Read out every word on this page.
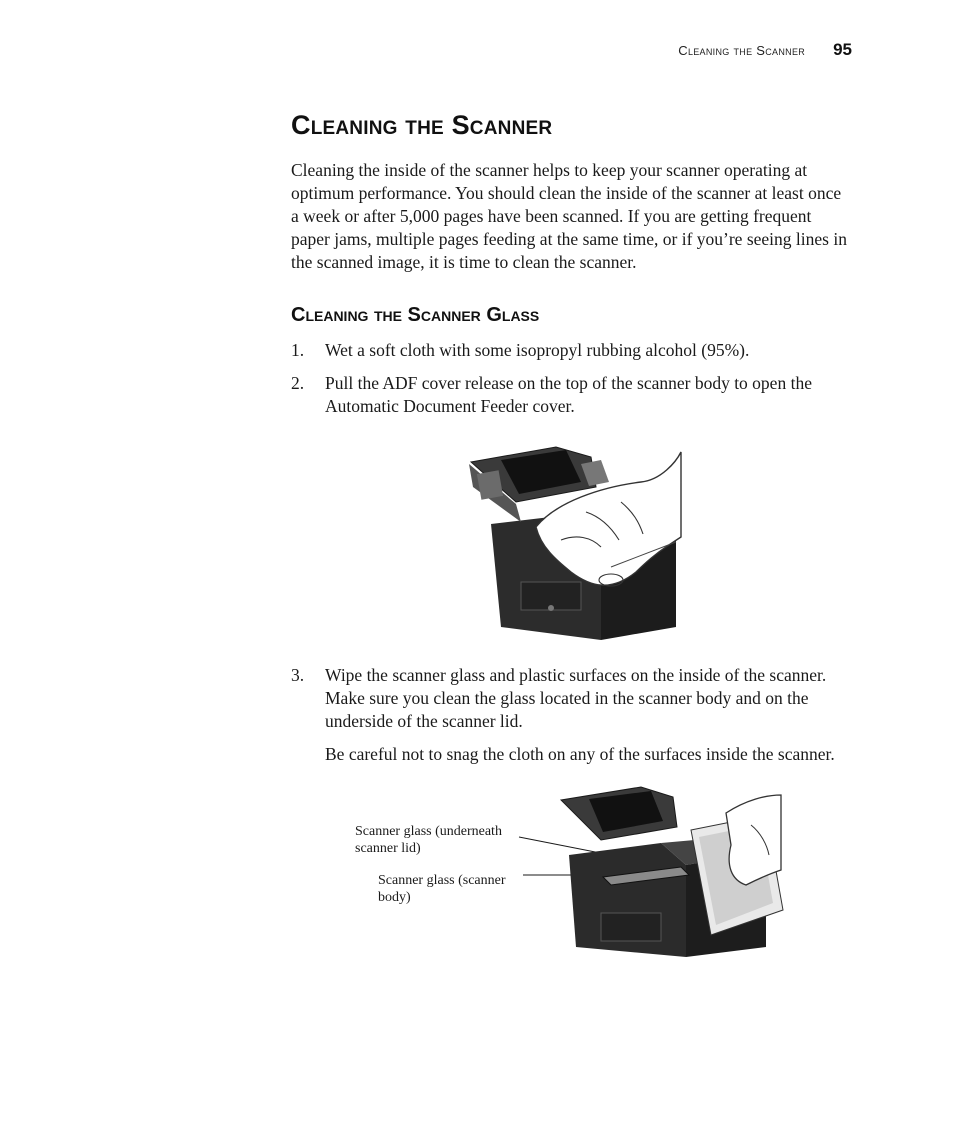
Cleaning the Scanner 95
Cleaning the Scanner

Cleaning the inside of the scanner helps to keep your scanner operating at optimum performance. You should clean the inside of the scanner at least once a week or after 5,000 pages have been scanned. If you are getting frequent paper jams, multiple pages feeding at the same time, or if you’re seeing lines in the scanned image, it is time to clean the scanner.

Cleaning the Scanner Glass
1.	Wet a soft cloth with some isopropyl rubbing alcohol (95%).
2.	Pull the ADF cover release on the top of the scanner body to open the Automatic Document Feeder cover.
3.	Wipe the scanner glass and plastic surfaces on the inside of the scanner. Make sure you clean the glass located in the scanner body and on the underside of the scanner lid.

Be careful not to snag the cloth on any of the surfaces inside the scanner.

Scanner glass (underneath
scanner lid)
Scanner glass (scanner
body)
